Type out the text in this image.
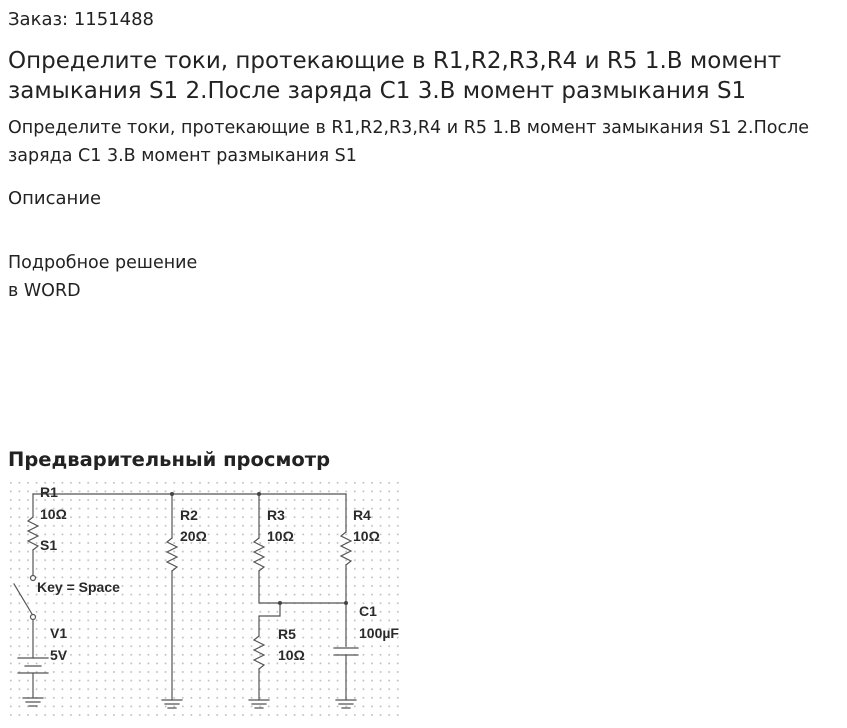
Заказ: 1151488

Определите токи, протекающие в R1,R2,R3,R4 и R5 1.В момент замыкания S1 2.После заряда C1 3.В момент размыкания S1

Определите токи, протекающие в R1,R2,R3,R4 и R5 1.В момент замыкания S1 2.После заряда C1 3.В момент размыкания S1

Описание

Подробное решение
в WORD
Предварительный просмотр
R1
10Ω
S1
Key = Space
V1
5V
R2
20Ω
R3
10Ω
R4
10Ω
R5
10Ω
C1
100µF
